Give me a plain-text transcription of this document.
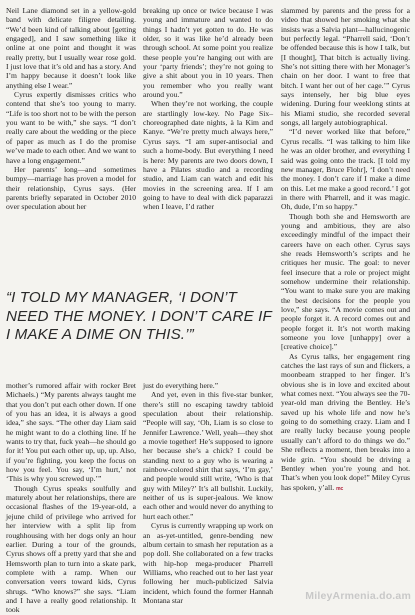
Neil Lane diamond set in a yellow-gold band with delicate filigree detailing. “We’d been kind of talking about [getting engaged], and I saw something like it online at one point and thought it was really pretty, but I usually wear rose gold. I just love that it’s old and has a story. And I’m happy because it doesn’t look like anything else I wear.”

Cyrus expertly dismisses critics who contend that she’s too young to marry. “Life is too short not to be with the person you want to be with,” she says. “I don’t really care about the wedding or the piece of paper as much as I do the promise we’ve made to each other. And we want to have a long engagement.”

Her parents’ long—and sometimes bumpy—marriage has proven a model for their relationship, Cyrus says. (Her parents briefly separated in October 2010 over speculation about her

breaking up once or twice because I was young and immature and wanted to do things I hadn’t yet gotten to do. He was older, so it was like he’d already been through school. At some point you realize these people you’re hanging out with are your ‘party friends’; they’re not going to give a shit about you in 10 years. Then you remember who you really want around you.”

When they’re not working, the couple are startlingly low-key. No Page Six–choreographed date nights, à la Kim and Kanye. “We’re pretty much always here,” Cyrus says. “I am super-antisocial and such a home-body. But everything I need is here: My parents are two doors down, I have a Pilates studio and a recording studio, and Liam can watch and edit his movies in the screening area. If I am going to have to deal with dick paparazzi when I leave, I’d rather

“I TOLD MY MANAGER, ‘I DON’T NEED THE MONEY. I DON’T CARE IF I MAKE A DIME ON THIS.’”

mother’s rumored affair with rocker Bret Michaels.) “My parents always taught me that you don’t put each other down. If one of you has an idea, it is always a good idea,” she says. “The other day Liam said he might want to do a clothing line. If he wants to try that, fuck yeah—he should go for it! You put each other up, up, up. Also, if you’re fighting, you keep the focus on how you feel. You say, ‘I’m hurt,’ not ‘This is why you screwed up.’”

Though Cyrus speaks soulfully and maturely about her relationships, there are occasional flashes of the 19-year-old, a jejune child of privilege who arrived for her interview with a split lip from roughhousing with her dogs only an hour earlier. During a tour of the grounds, Cyrus shows off a pretty yard that she and Hemsworth plan to turn into a skate park, complete with a ramp. When our conversation veers toward kids, Cyrus shrugs. “Who knows?” she says. “Liam and I have a really good relationship. It took

just do everything here.”

And yet, even in this five-star bunker, there’s still no escaping tawdry tabloid speculation about their relationship. “People will say, ‘Oh, Liam is so close to Jennifer Lawrence.’ Well, yeah—they shot a movie together! He’s supposed to ignore her because she’s a chick? I could be standing next to a guy who is wearing a rainbow-colored shirt that says, ‘I’m gay,’ and people would still write, ‘Who is that guy with Miley?’ It’s all bullshit. Luckily, neither of us is super-jealous. We know each other and would never do anything to hurt each other.”

Cyrus is currently wrapping up work on an as-yet-untitled, genre-bending new album certain to smash her reputation as a pop doll. She collaborated on a few tracks with hip-hop mega-producer Pharrell Williams, who reached out to her last year following her much-publicized Salvia incident, which found the former Hannah Montana star

slammed by parents and the press for a video that showed her smoking what she insists was a Salvia plant—hallucinogenic but perfectly legal. “Pharrell said, ‘Don’t be offended because this is how I talk, but [I thought], That bitch is actually living. She’s not sitting there with her Monager’s chain on her door. I want to free that bitch. I want her out of her cage.’” Cyrus says intensely, her big blue eyes widening. During four weeklong stints at his Miami studio, she recorded several songs, all largely autobiographical.

“I’d never worked like that before,” Cyrus recalls. “I was talking to him like he was an older brother, and everything I said was going onto the track. [I told my new manager, Bruce Flohr], ‘I don’t need the money. I don’t care if I make a dime on this. Let me make a good record.’ I got in there with Pharrell, and it was magic. Oh, dude, I’m so happy.”

Though both she and Hemsworth are young and ambitious, they are also exceedingly mindful of the impact their careers have on each other. Cyrus says she reads Hemsworth’s scripts and he critiques her music. The goal: to never feel insecure that a role or project might somehow undermine their relationship. “You want to make sure you are making the best decisions for the people you love,” she says. “A movie comes out and people forget it. A record comes out and people forget it. It’s not worth making someone you love [unhappy] over a [creative choice].”

As Cyrus talks, her engagement ring catches the last rays of sun and flickers, a moonbeam strapped to her finger. It’s obvious she is in love and excited about what comes next. “You always see the 70-year-old man driving the Bentley. He’s saved up his whole life and now he’s going to do something crazy. Liam and I are really lucky because young people usually can’t afford to do things we do.” She reflects a moment, then breaks into a wide grin. “You should be driving a Bentley when you’re young and hot. That’s when you look dope!” Miley Cyrus has spoken, y’all. mc

MileyArmenia.do.am
